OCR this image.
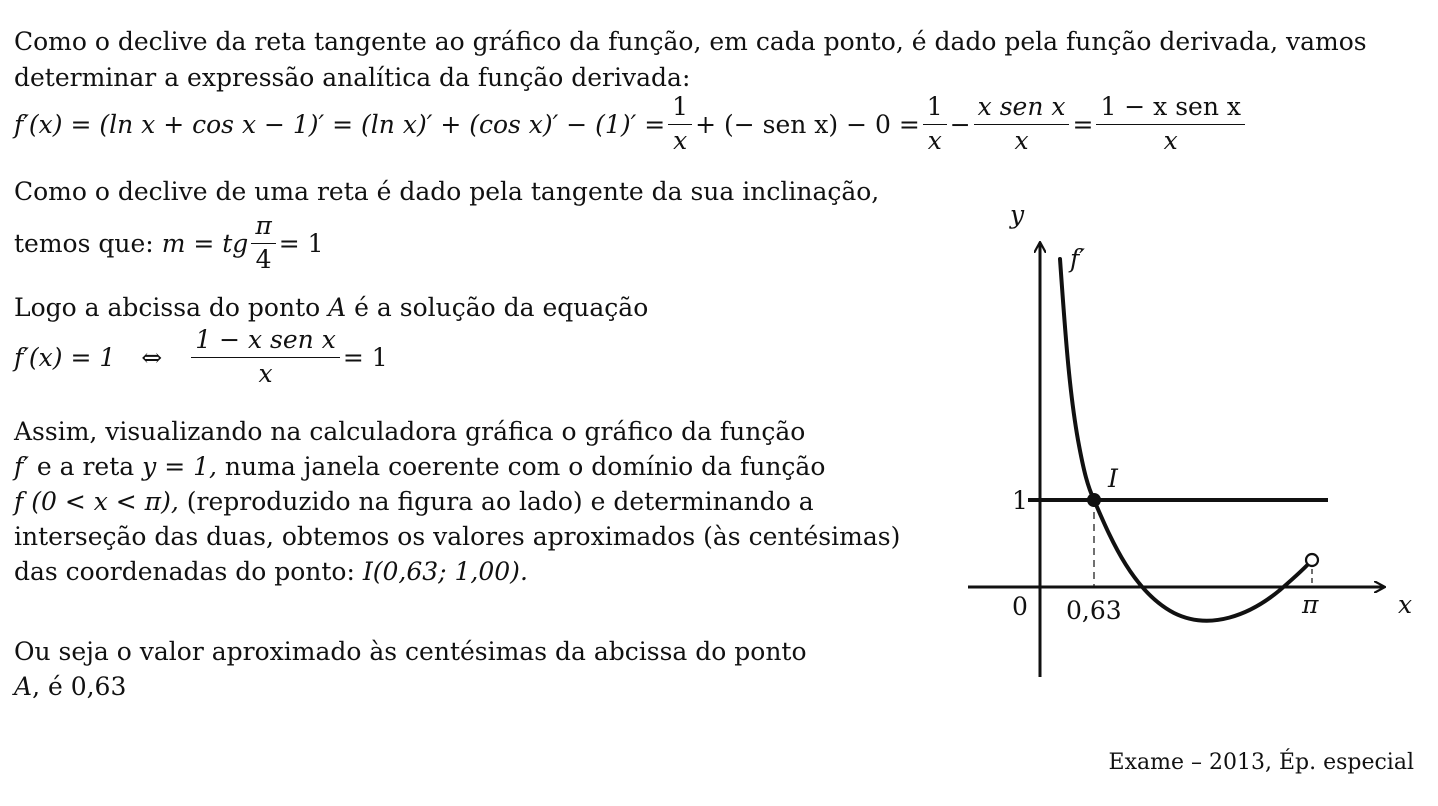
Como o declive da reta tangente ao gráfico da função, em cada ponto, é dado pela função derivada, vamos
determinar a expressão analítica da função derivada:
f′(x) = (ln x + cos x − 1)′ = (ln x)′ + (cos $x)' - (1)' = \frac{1}{x}$ + (− sen $x) - 0 = \frac{1}{x} - \frac{\text{x sen x}}{x} = \frac{\text{1 − x sen x}}{x}$
Como o declive de uma reta é dado pela tangente da sua inclinação,
temos que: m = tg $\frac{\pi}{4} = 1$
Logo a abcissa do ponto A é a solução da equação
f′(x) = 1 ⇔ $\frac{\text{1 − x sen x}}{x} = 1$
Assim, visualizando na calculadora gráfica o gráfico da função
f′ e a reta y = 1, numa janela coerente com o domínio da função
f (0 < x < π), (reproduzido na figura ao lado) e determinando a
interseção das duas, obtemos os valores aproximados (às centésimas)
das coordenadas do ponto: I(0,63; 1,00).
Ou seja o valor aproximado às centésimas da abcissa do ponto
A, é 0,63
y
x
0
f′
1
I
0,63	π
Exame – 2013, Ép. especial
